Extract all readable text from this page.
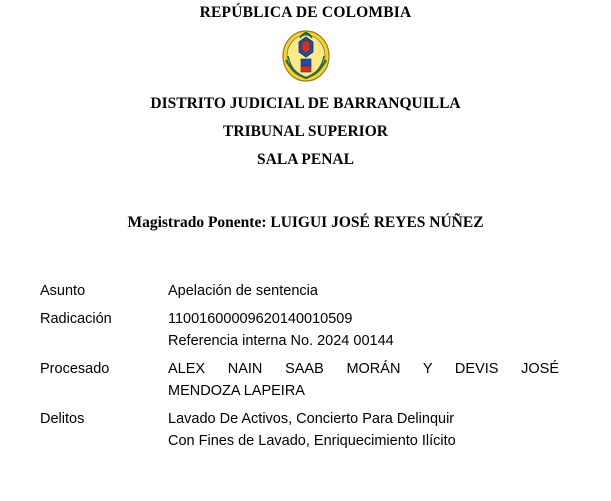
REPÚBLICA DE COLOMBIA
DISTRITO JUDICIAL DE BARRANQUILLA
TRIBUNAL SUPERIOR
SALA PENAL
Magistrado Ponente: LUIGUI JOSÉ REYES NÚÑEZ
Asunto	Apelación de sentencia
Radicación	11001600009620140010509
Referencia interna No. 2024 00144
Procesado	ALEX NAIN SAAB MORÁN Y DEVIS JOSÉ
MENDOZA LAPEIRA
Delitos	Lavado De Activos, Concierto Para Delinquir
Con Fines de Lavado, Enriquecimiento Ilícito
